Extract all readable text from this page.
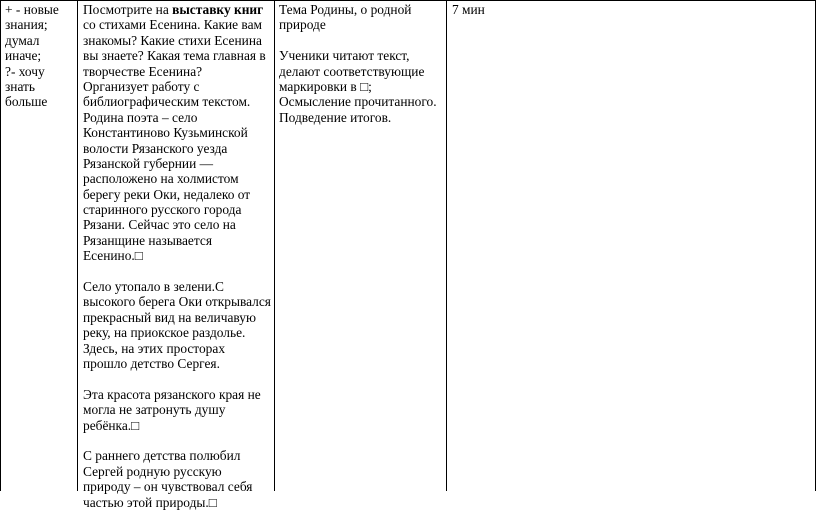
+ - новые
знания;
думал
иначе;
?- хочу
знать
больше
Посмотрите на выставку книг
со стихами Есенина. Какие вам
знакомы? Какие стихи Есенина
вы знаете? Какая тема главная в
творчестве Есенина?
Организует работу с
библиографическим текстом.
Родина поэта – село
Константиново Кузьминской
волости Рязанского уезда
Рязанской губернии —
расположено на холмистом
берегу реки Оки, недалеко от
старинного русского города
Рязани. Сейчас это село на
Рязанщине называется
Есенино.□
Село утопало в зелени.С
высокого берега Оки открывался
прекрасный вид на величавую
реку, на приокское раздолье.
Здесь, на этих просторах
прошло детство Сергея.
Эта красота рязанского края не
могла не затронуть душу
ребёнка.□
С раннего детства полюбил
Сергей родную русскую
природу – он чувствовал себя
частью этой природы.□
Тема Родины, о родной
природе
Ученики читают текст,
делают соответствующие
маркировки в □;
Осмысление прочитанного.
Подведение итогов.
7 мин
